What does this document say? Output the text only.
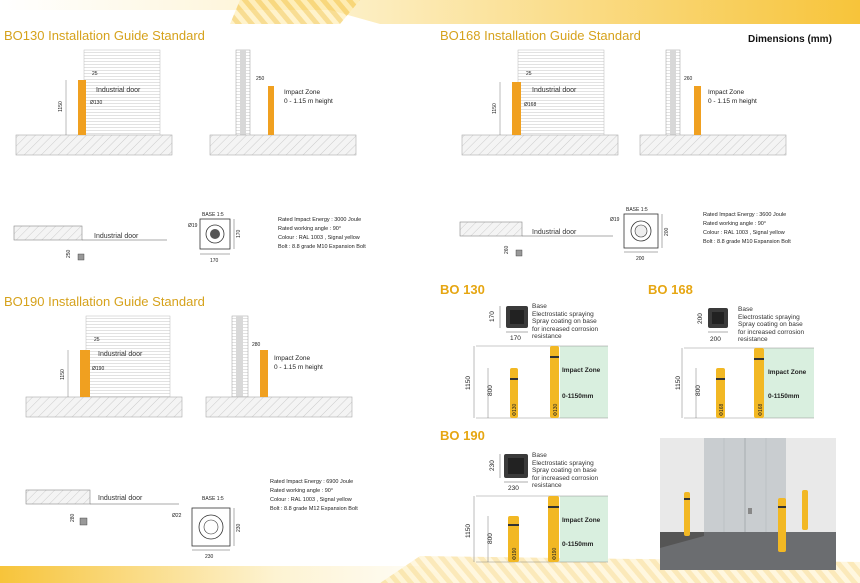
BO130 Installation Guide Standard	BO168 Installation Guide Standard
BO190 Installation Guide Standard
Dimensions (mm)
1150
25
Ø130
Industrial door
250
Impact Zone
0 - 1.15 m height
250
Industrial door
BASE 1:5
Ø19
170
170
Rated Impact Energy : 3000 Joule
Rated working angle : 90°
Colour : RAL 1003 , Signal yellow
Bolt : 8.8 grade M10 Expansion Bolt
1150
25
Ø168
Industrial door
260
Impact Zone
0 - 1.15 m height
260
Industrial door
BASE 1:5
Ø19
200
200
Rated Impact Energy : 3600 Joule
Rated working angle : 90°
Colour : RAL 1003 , Signal yellow
Bolt : 8.8 grade M10 Expansion Bolt
1150
25
Ø190
Industrial door
280
Impact Zone
0 - 1.15 m height
280
Industrial door	BASE 1:5
Ø22
230
230
Rated Impact Energy : 6900 Joule
Rated working angle : 90°
Colour : RAL 1003 , Signal yellow
Bolt : 8.8 grade M12 Expansion Bolt
BO 130
170
170
Base
Electrostatic spraying
Spray coating on base
for increased corrosion
resistance
1150
800
Φ130	Φ130
Impact Zone
0-1150mm
BO 168
200
200
Base
Electrostatic spraying
Spray coating on base
for increased corrosion
resistance
1150
800
Φ168	Φ168
Impact Zone
0-1150mm
BO 190
230
230
Base
Electrostatic spraying
Spray coating on base
for increased corrosion
resistance
1150
800
Φ190	Φ190
Impact Zone
0-1150mm
